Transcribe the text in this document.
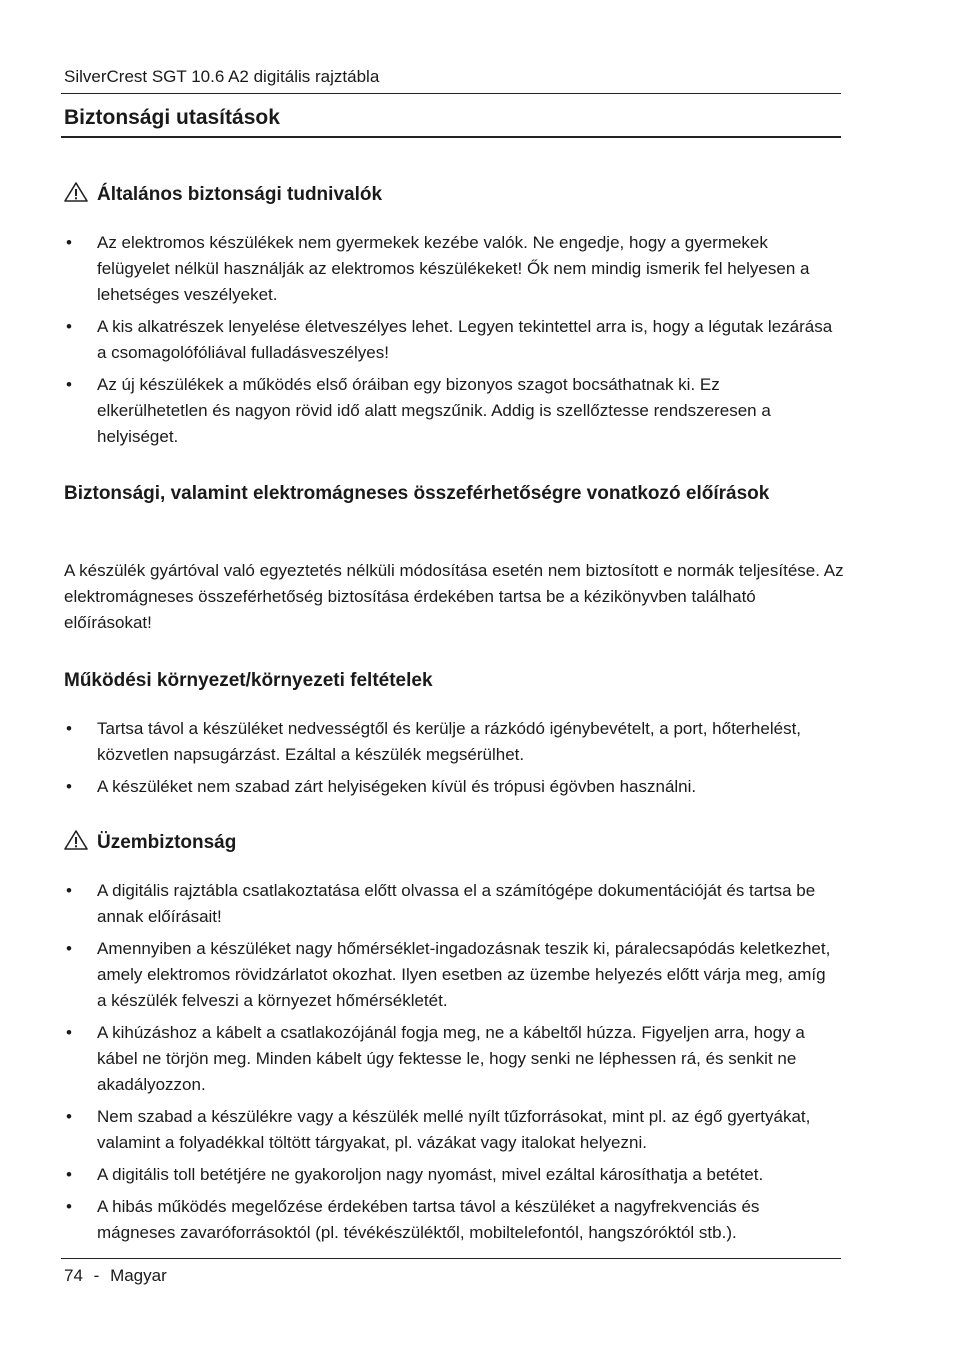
SilverCrest SGT 10.6 A2 digitális rajztábla
Biztonsági utasítások
Általános biztonsági tudnivalók
• Az elektromos készülékek nem gyermekek kezébe valók. Ne engedje, hogy a gyermekek felügyelet nélkül használják az elektromos készülékeket! Ők nem mindig ismerik fel helyesen a lehetséges veszélyeket.
• A kis alkatrészek lenyelése életveszélyes lehet. Legyen tekintettel arra is, hogy a légutak lezárása a csomagolófóliával fulladásveszélyes!
• Az új készülékek a működés első óráiban egy bizonyos szagot bocsáthatnak ki. Ez elkerülhetetlen és nagyon rövid idő alatt megszűnik. Addig is szellőztesse rendszeresen a helyiséget.
Biztonsági, valamint elektromágneses összeférhetőségre vonatkozó előírások
A készülék gyártóval való egyeztetés nélküli módosítása esetén nem biztosított e normák teljesítése. Az elektromágneses összeférhetőség biztosítása érdekében tartsa be a kézikönyvben található előírásokat!
Működési környezet/környezeti feltételek
• Tartsa távol a készüléket nedvességtől és kerülje a rázkódó igénybevételt, a port, hőterhelést, közvetlen napsugárzást. Ezáltal a készülék megsérülhet.
• A készüléket nem szabad zárt helyiségeken kívül és trópusi égövben használni.
Üzembiztonság
• A digitális rajztábla csatlakoztatása előtt olvassa el a számítógépe dokumentációját és tartsa be annak előírásait!
• Amennyiben a készüléket nagy hőmérséklet-ingadozásnak teszik ki, páralecsapódás keletkezhet, amely elektromos rövidzárlatot okozhat. Ilyen esetben az üzembe helyezés előtt várja meg, amíg a készülék felveszi a környezet hőmérsékletét.
• A kihúzáshoz a kábelt a csatlakozójánál fogja meg, ne a kábeltől húzza. Figyeljen arra, hogy a kábel ne törjön meg. Minden kábelt úgy fektesse le, hogy senki ne léphessen rá, és senkit ne akadályozzon.
• Nem szabad a készülékre vagy a készülék mellé nyílt tűzforrásokat, mint pl. az égő gyertyákat, valamint a folyadékkal töltött tárgyakat, pl. vázákat vagy italokat helyezni.
• A digitális toll betétjére ne gyakoroljon nagy nyomást, mivel ezáltal károsíthatja a betétet.
• A hibás működés megelőzése érdekében tartsa távol a készüléket a nagyfrekvenciás és mágneses zavaróforrásoktól (pl. tévékészüléktől, mobiltelefontól, hangszóróktól stb.).
74 - Magyar
